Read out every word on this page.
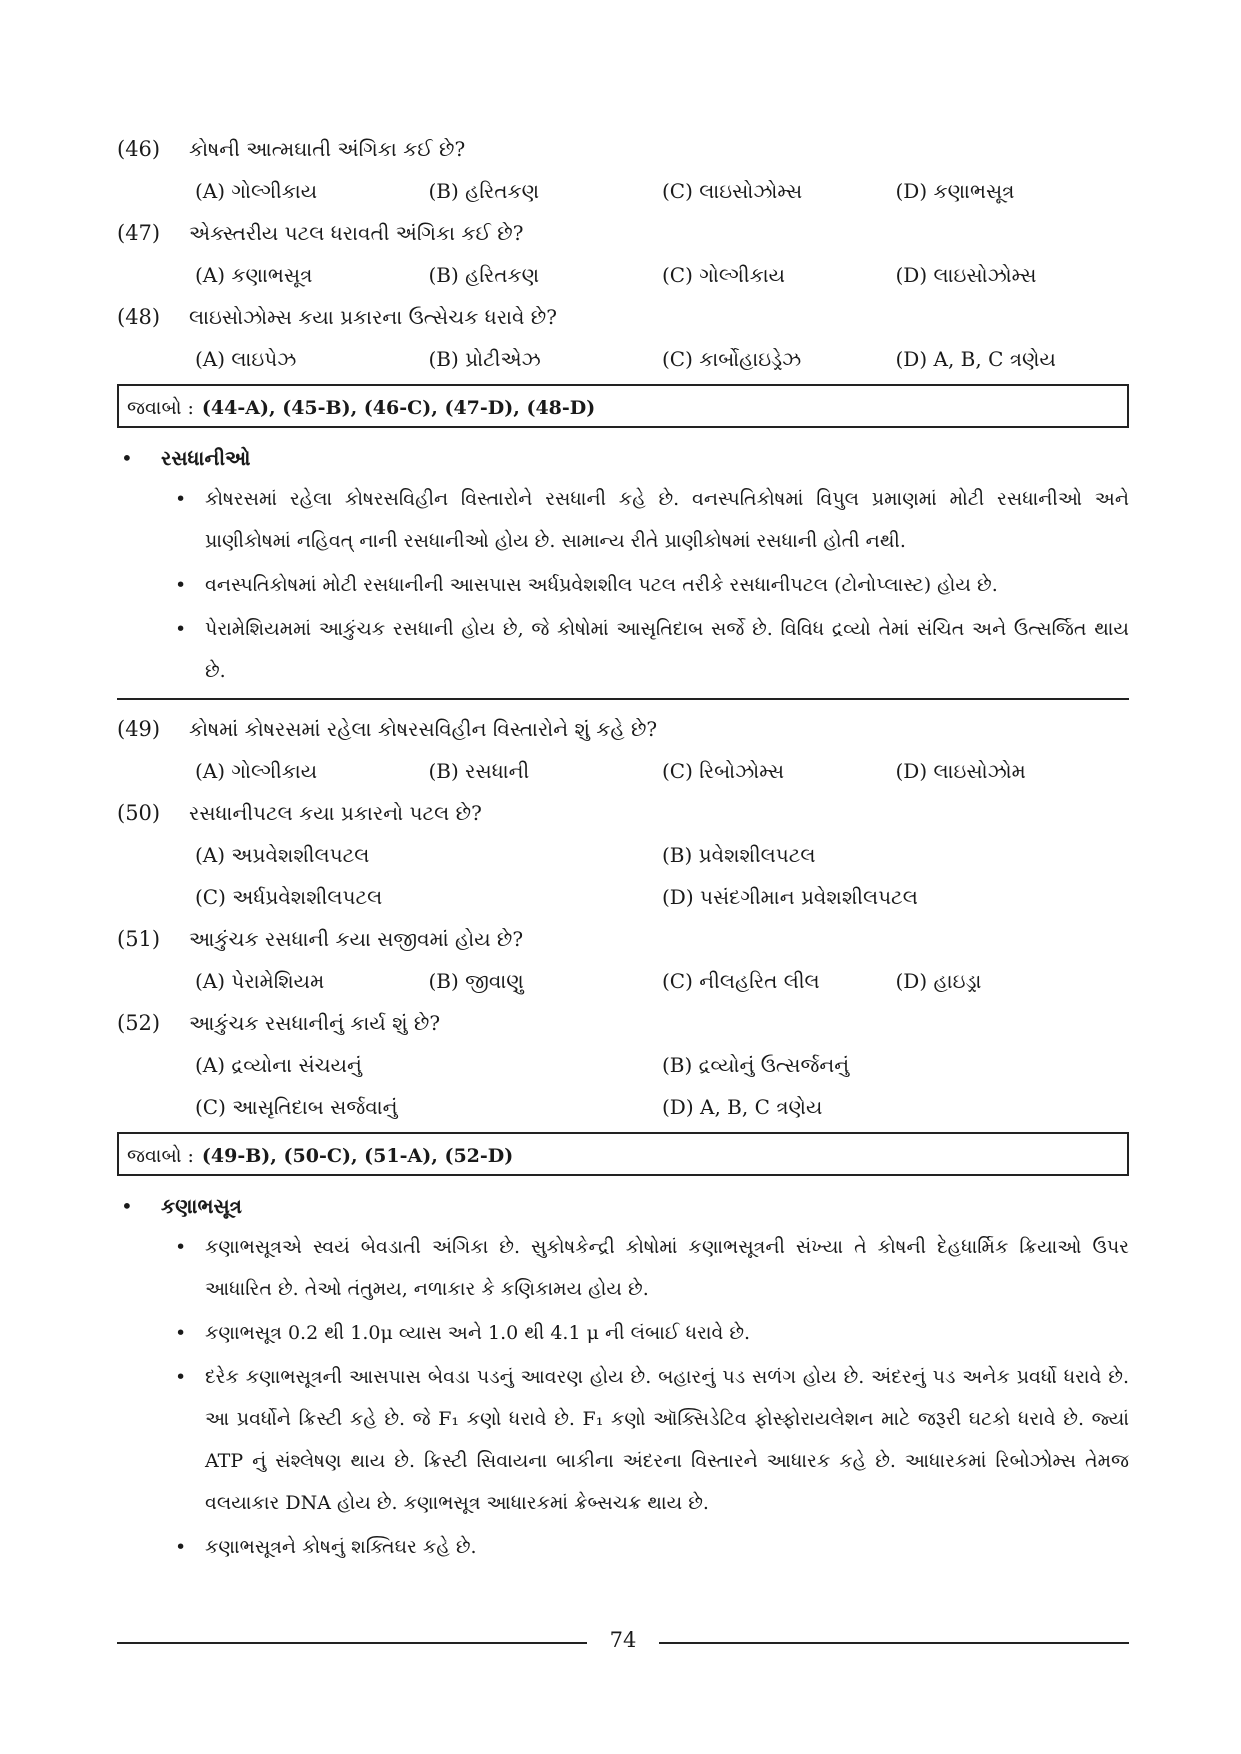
(46)	કોષની આત્મઘાતી અંગિકા કઈ છે?
(A) ગોલ્ગીકાય	(B) હરિતકણ	(C) લાઇસોઝોમ્સ	(D) કણાભસૂત્ર
(47)	એક્સ્તરીય પટલ ધરાવતી અંગિકા કઈ છે?
(A) કણાભસૂત્ર	(B) હરિતકણ	(C) ગોલ્ગીકાય	(D) લાઇસોઝોમ્સ
(48)	લાઇસોઝોમ્સ કયા પ્રકારના ઉત્સેચક ધરાવે છે?
(A) લાઇપેઝ	(B) પ્રોટીએઝ	(C) કાર્બોહાઇડ્રેઝ	(D) A, B, C ત્રણેય
જવાબો : (44-A), (45-B), (46-C), (47-D), (48-D)
•	રસધાનીઓ
• કોષરસમાં રહેલા કોષરસવિહીન વિસ્તારોને રસધાની કહે છે. વનસ્પતિકોષમાં વિપુલ પ્રમાણમાં મોટી રસધાનીઓ અને પ્રાણીકોષમાં નહિવત્ નાની રસધાનીઓ હોય છે. સામાન્ય રીતે પ્રાણીકોષમાં રસધાની હોતી નથી.
• વનસ્પતિકોષમાં મોટી રસધાનીની આસપાસ અર્ધપ્રવેશશીલ પટલ તરીકે રસધાનીપટલ (ટોનોપ્લાસ્ટ) હોય છે.
• પેરામેશિયમમાં આકુંચક રસધાની હોય છે, જે કોષોમાં આસૃતિદાબ સર્જે છે. વિવિધ દ્રવ્યો તેમાં સંચિત અને ઉત્સર્જિત થાય છે.
(49)	કોષમાં કોષરસમાં રહેલા કોષરસવિહીન વિસ્તારોને શું કહે છે?
(A) ગોલ્ગીકાય	(B) રસધાની	(C) રિબોઝોમ્સ	(D) લાઇસોઝોમ
(50)	રસધાનીપટલ કયા પ્રકારનો પટલ છે?
(A) અપ્રવેશશીલપટલ	(B) પ્રવેશશીલપટલ
(C) અર્ધપ્રવેશશીલપટલ	(D) પસંદગીમાન પ્રવેશશીલપટલ
(51)	આકુંચક રસધાની કયા સજીવમાં હોય છે?
(A) પેરામેશિયમ	(B) જીવાણુ	(C) નીલહરિત લીલ	(D) હાઇડ્રા
(52)	આકુંચક રસધાનીનું કાર્ય શું છે?
(A) દ્રવ્યોના સંચયનું	(B) દ્રવ્યોનું ઉત્સર્જનનું
(C) આસૃતિદાબ સર્જવાનું	(D) A, B, C ત્રણેય
જવાબો : (49-B), (50-C), (51-A), (52-D)
•	કણાભસૂત્ર
• કણાભસૂત્રએ સ્વયં બેવડાતી અંગિકા છે. સુકોષકેન્દ્રી કોષોમાં કણાભસૂત્રની સંખ્યા તે કોષની દેહધાર્મિક ક્રિયાઓ ઉપર આધારિત છે. તેઓ તંતુમય, નળાકાર કે કણિકામય હોય છે.
• કણાભસૂત્ર 0.2 થી 1.0μ વ્યાસ અને 1.0 થી 4.1 μ ની લંબાઈ ધરાવે છે.
• દરેક કણાભસૂત્રની આસપાસ બેવડા પડનું આવરણ હોય છે. બહારનું પડ સળંગ હોય છે. અંદરનું પડ અનેક પ્રવર્ધો ધરાવે છે. આ પ્રવર્ધોને ક્રિસ્ટી કહે છે. જે F₁ કણો ધરાવે છે. F₁ કણો ઑક્સિડેટિવ ફોસ્ફોરાયલેશન માટે જરૂરી ઘટકો ધરાવે છે. જ્યાં ATP નું સંશ્લેષણ થાય છે. ક્રિસ્ટી સિવાયના બાકીના અંદરના વિસ્તારને આધારક કહે છે. આધારકમાં રિબોઝોમ્સ તેમજ વલયાકાર DNA હોય છે. કણાભસૂત્ર આધારકમાં ક્રેબ્સચક્ર થાય છે.
• કણાભસૂત્રને કોષનું શક્તિઘર કહે છે.
74
